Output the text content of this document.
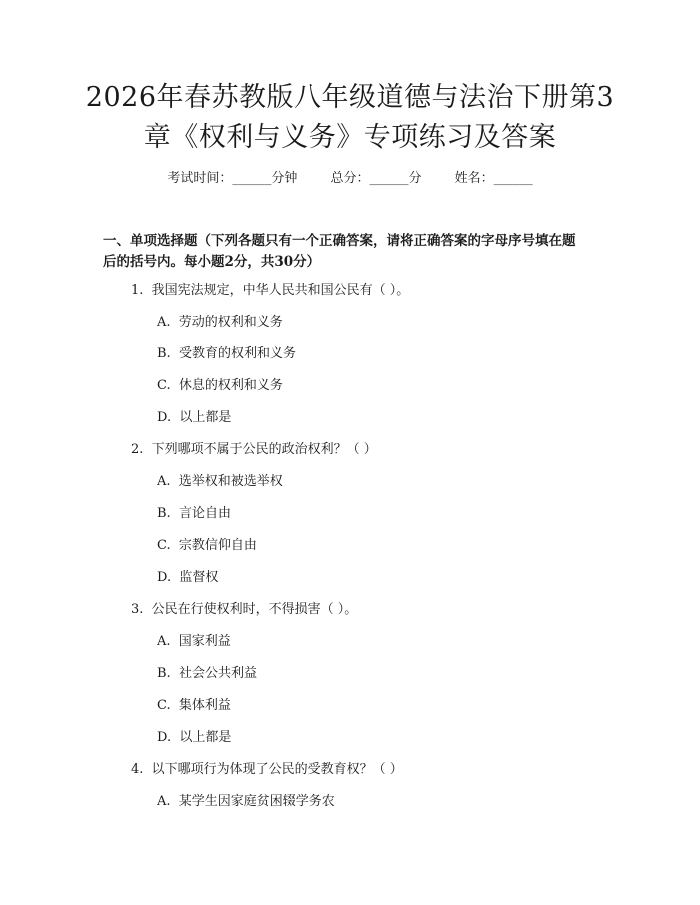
2026年春苏教版八年级道德与法治下册第3
章《权利与义务》专项练习及答案
考试时间：______分钟	总分：______分	姓名：______
一、单项选择题（下列各题只有一个正确答案，请将正确答案的字母序号填在题
后的括号内。每小题2分，共30分）
1.  我国宪法规定，中华人民共和国公民有（ ）。
A.  劳动的权利和义务
B.  受教育的权利和义务
C.  休息的权利和义务
D.  以上都是
2.  下列哪项不属于公民的政治权利？（ ）
A.  选举权和被选举权
B.  言论自由
C.  宗教信仰自由
D.  监督权
3.  公民在行使权利时，不得损害（ ）。
A.  国家利益
B.  社会公共利益
C.  集体利益
D.  以上都是
4.  以下哪项行为体现了公民的受教育权？（ ）
A.  某学生因家庭贫困辍学务农
